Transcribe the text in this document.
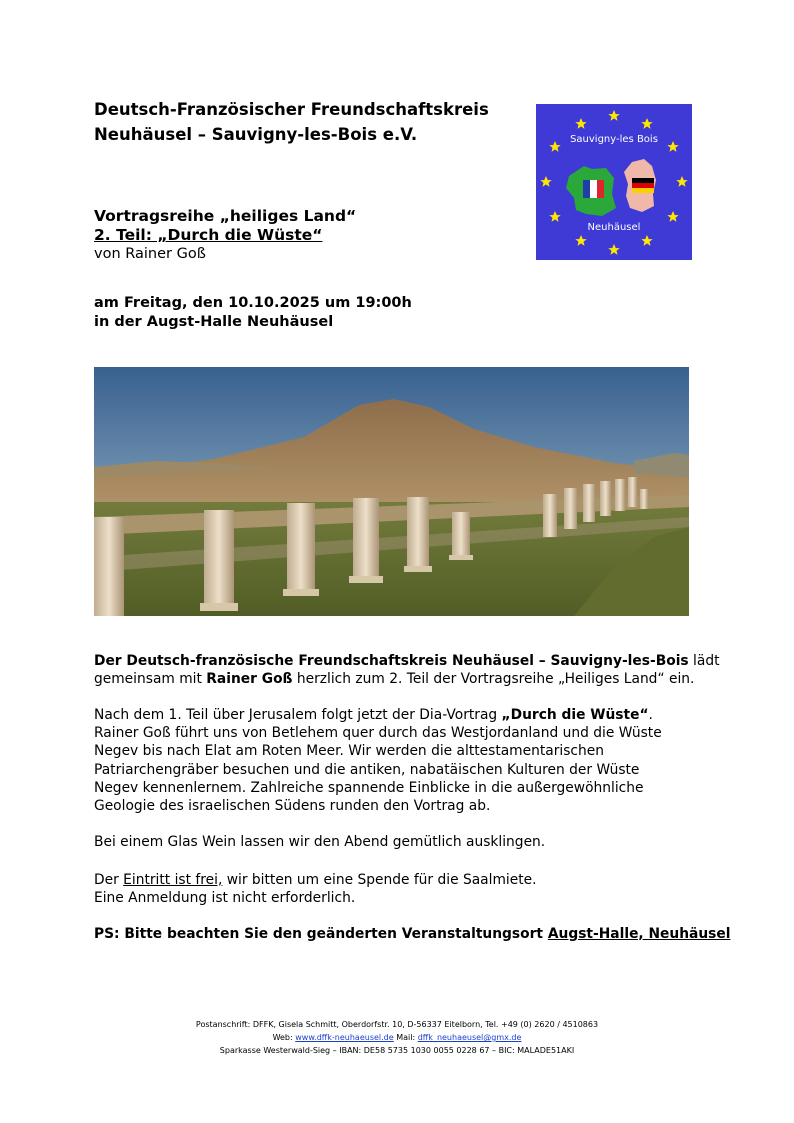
Deutsch-Französischer Freundschaftskreis
Neuhäusel – Sauvigny-les-Bois e.V.	Sauvigny-les Bois
Neuhäusel
Vortragsreihe „heiliges Land“
2. Teil: „Durch die Wüste“
von Rainer Goß
am Freitag, den 10.10.2025 um 19:00h
in der Augst-Halle Neuhäusel
Der Deutsch-französische Freundschaftskreis Neuhäusel – Sauvigny-les-Bois lädt
gemeinsam mit Rainer Goß herzlich zum 2. Teil der Vortragsreihe „Heiliges Land“ ein.
Nach dem 1. Teil über Jerusalem folgt jetzt der Dia-Vortrag „Durch die Wüste“.
Rainer Goß führt uns von Betlehem quer durch das Westjordanland und die Wüste
Negev bis nach Elat am Roten Meer. Wir werden die alttestamentarischen
Patriarchengräber besuchen und die antiken, nabatäischen Kulturen der Wüste
Negev kennenlernem. Zahlreiche spannende Einblicke in die außergewöhnliche
Geologie des israelischen Südens runden den Vortrag ab.
Bei einem Glas Wein lassen wir den Abend gemütlich ausklingen.
Der Eintritt ist frei, wir bitten um eine Spende für die Saalmiete.
Eine Anmeldung ist nicht erforderlich.
PS: Bitte beachten Sie den geänderten Veranstaltungsort Augst-Halle, Neuhäusel
Postanschrift: DFFK, Gisela Schmitt, Oberdorfstr. 10, D-56337 Eitelborn, Tel. +49 (0) 2620 / 4510863
Web: www.dffk-neuhaeusel.de Mail: dffk_neuhaeusel@gmx.de
Sparkasse Westerwald-Sieg – IBAN: DE58 5735 1030 0055 0228 67 – BIC: MALADE51AKI
